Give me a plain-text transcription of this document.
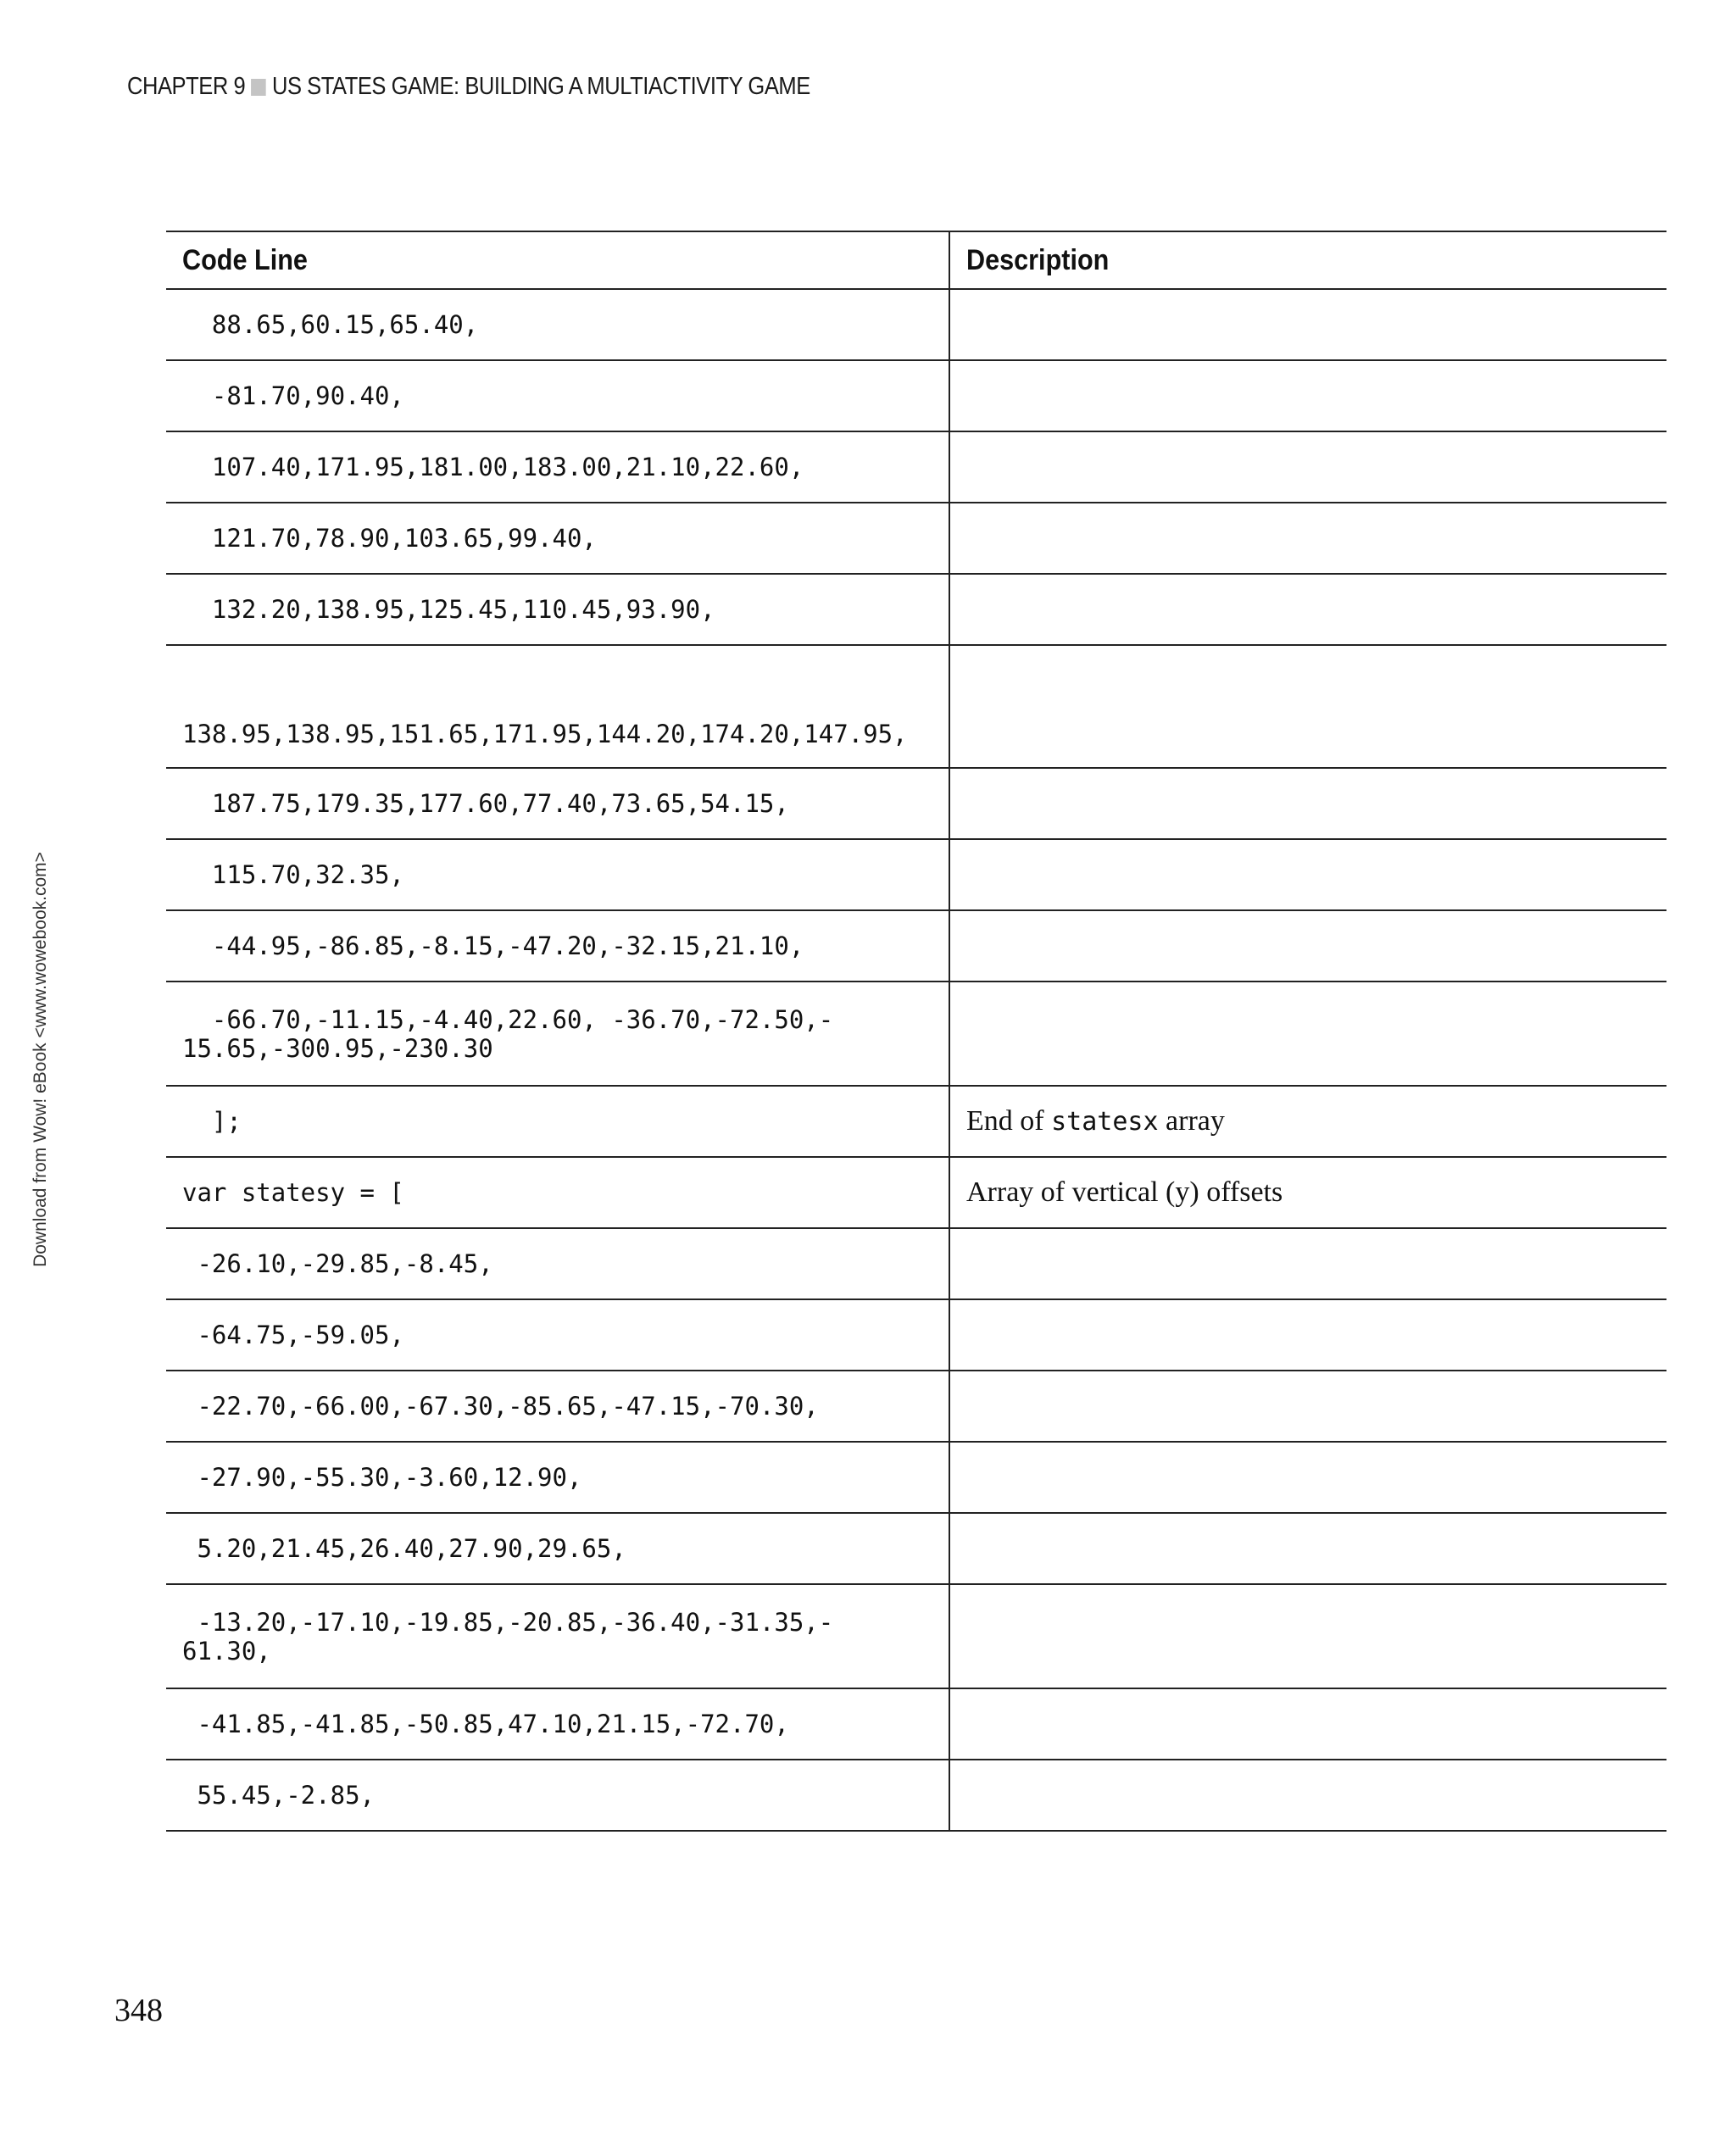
CHAPTER 9 US STATES GAME: BUILDING A MULTIACTIVITY GAME
Download from Wow! eBook <www.wowebook.com>
Code Line	Description
88.65,60.15,65.40,	
-81.70,90.40,	
107.40,171.95,181.00,183.00,21.10,22.60,	
121.70,78.90,103.65,99.40,	
132.20,138.95,125.45,110.45,93.90,	
138.95,138.95,151.65,171.95,144.20,174.20,147.95,	
187.75,179.35,177.60,77.40,73.65,54.15,	
115.70,32.35,	
-44.95,-86.85,-8.15,-47.20,-32.15,21.10,	
-66.70,-11.15,-4.40,22.60, -36.70,-72.50,-
15.65,-300.95,-230.30	
];	End of statesx array
var statesy = [	Array of vertical (y) offsets
-26.10,-29.85,-8.45,	
-64.75,-59.05,	
-22.70,-66.00,-67.30,-85.65,-47.15,-70.30,	
-27.90,-55.30,-3.60,12.90,	
5.20,21.45,26.40,27.90,29.65,	
-13.20,-17.10,-19.85,-20.85,-36.40,-31.35,-
61.30,	
-41.85,-41.85,-50.85,47.10,21.15,-72.70,	
55.45,-2.85,	
348
